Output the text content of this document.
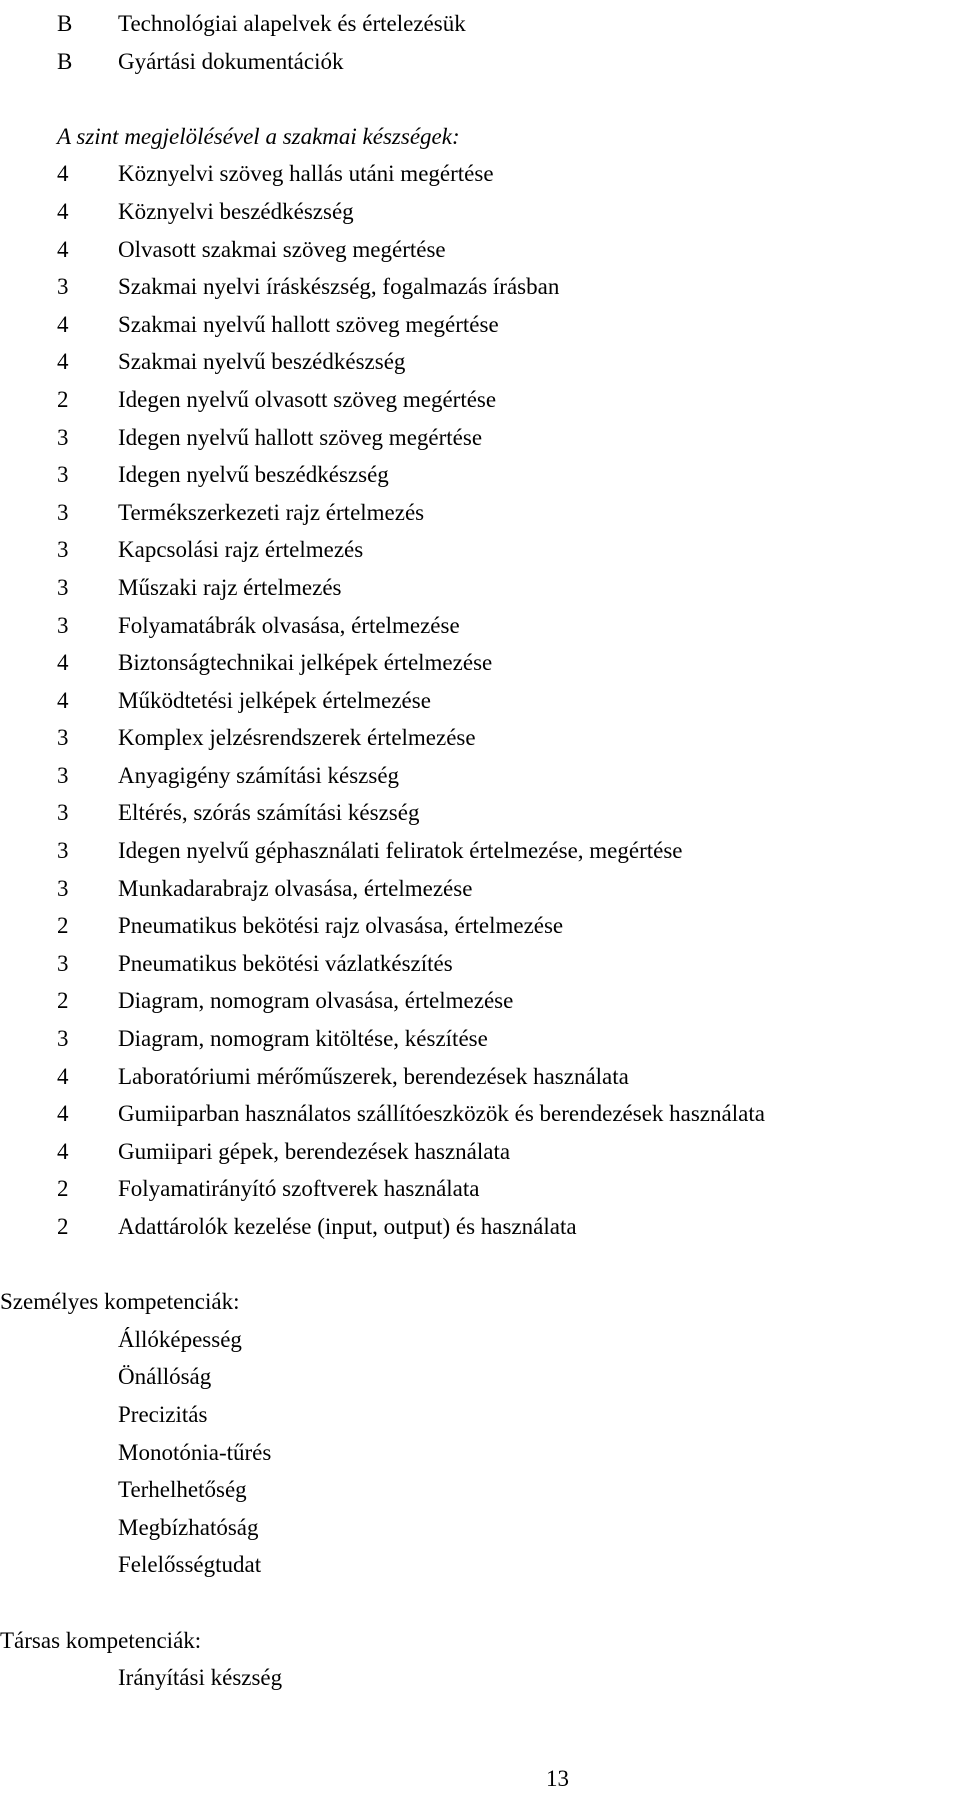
B Technológiai alapelvek és értelezésük
B Gyártási dokumentációk
A szint megjelölésével a szakmai készségek:
4 Köznyelvi szöveg hallás utáni megértése
4 Köznyelvi beszédkészség
4 Olvasott szakmai szöveg megértése
3 Szakmai nyelvi íráskészség, fogalmazás írásban
4 Szakmai nyelvű hallott szöveg megértése
4 Szakmai nyelvű beszédkészség
2 Idegen nyelvű olvasott szöveg megértése
3 Idegen nyelvű hallott szöveg megértése
3 Idegen nyelvű beszédkészség
3 Termékszerkezeti rajz értelmezés
3 Kapcsolási rajz értelmezés
3 Műszaki rajz értelmezés
3 Folyamatábrák olvasása, értelmezése
4 Biztonságtechnikai jelképek értelmezése
4 Működtetési jelképek értelmezése
3 Komplex jelzésrendszerek értelmezése
3 Anyagigény számítási készség
3 Eltérés, szórás számítási készség
3 Idegen nyelvű géphasználati feliratok értelmezése, megértése
3 Munkadarabrajz olvasása, értelmezése
2 Pneumatikus bekötési rajz olvasása, értelmezése
3 Pneumatikus bekötési vázlatkészítés
2 Diagram, nomogram olvasása, értelmezése
3 Diagram, nomogram kitöltése, készítése
4 Laboratóriumi mérőműszerek, berendezések használata
4 Gumiiparban használatos szállítóeszközök és berendezések használata
4 Gumiipari gépek, berendezések használata
2 Folyamatirányító szoftverek használata
2 Adattárolók kezelése (input, output) és használata
Személyes kompetenciák:
Állóképesség
Önállóság
Precizitás
Monotónia-tűrés
Terhelhetőség
Megbízhatóság
Felelősségtudat
Társas kompetenciák:
Irányítási készség
13
